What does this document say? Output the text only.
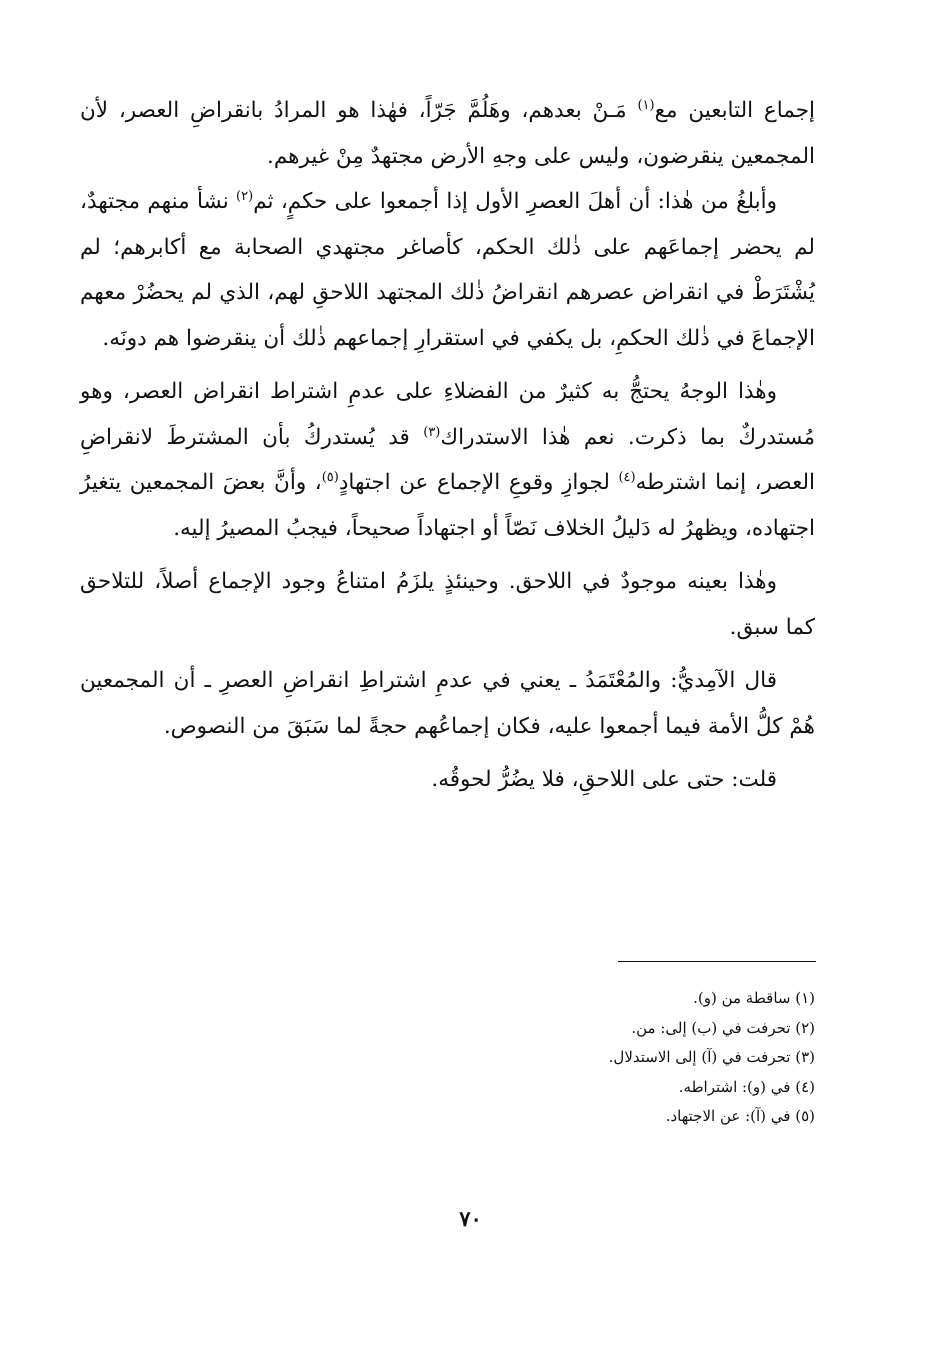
إجماع التابعين مع$^{(١)}$ مَـنْ بعدهم، وهَلُمَّ جَرّاً، فهٰذا هو المرادُ بانقراضِ العصر، لأن المجمعين ينقرضون، وليس على وجهِ الأرض مجتهدٌ مِنْ غيرهم.

وأبلغُ من هٰذا: أن أهلَ العصرِ الأول إذا أجمعوا على حكمٍ، ثم$^{(٢)}$ نشأ منهم مجتهدٌ، لم يحضر إجماعَهم على ذٰلك الحكم، كأصاغر مجتهدي الصحابة مع أكابرهم؛ لم يُشْتَرَطْ في انقراض عصرهم انقراضُ ذٰلك المجتهد اللاحقِ لهم، الذي لم يحضُرْ معهم الإجماعَ في ذٰلك الحكمِ، بل يكفي في استقرارِ إجماعهم ذٰلك أن ينقرضوا هم دونَه.

وهٰذا الوجهُ يحتجُّ به كثيرٌ من الفضلاءِ على عدمِ اشتراط انقراض العصر، وهو مُستدركٌ بما ذكرت. نعم هٰذا الاستدراك$^{(٣)}$ قد يُستدركُ بأن المشترطَ لانقراضِ العصر، إنما اشترطه$^{(٤)}$ لجوازِ وقوعِ الإجماع عن اجتهادٍ$^{(٥)}$، وأنَّ بعضَ المجمعين يتغيرُ اجتهاده، ويظهرُ له دَليلُ الخلاف نَصّاً أو اجتهاداً صحيحاً، فيجبُ المصيرُ إليه.

وهٰذا بعينه موجودٌ في اللاحق. وحينئذٍ يلزَمُ امتناعُ وجود الإجماع أصلاً، للتلاحق كما سبق.

قال الآمِديُّ: والمُعْتَمَدُ ـ يعني في عدمِ اشتراطِ انقراضِ العصرِ ـ أن المجمعين هُمْ كلُّ الأمة فيما أجمعوا عليه، فكان إجماعُهم حجةً لما سَبَقَ من النصوص.

قلت: حتى على اللاحقِ، فلا يضُرُّ لحوقُه.

(١) ساقطة من (و).

(٢) تحرفت في (ب) إلى: من.

(٣) تحرفت في (آ) إلى الاستدلال.

(٤) في (و): اشتراطه.

(٥) في (آ): عن الاجتهاد.

٧٠
